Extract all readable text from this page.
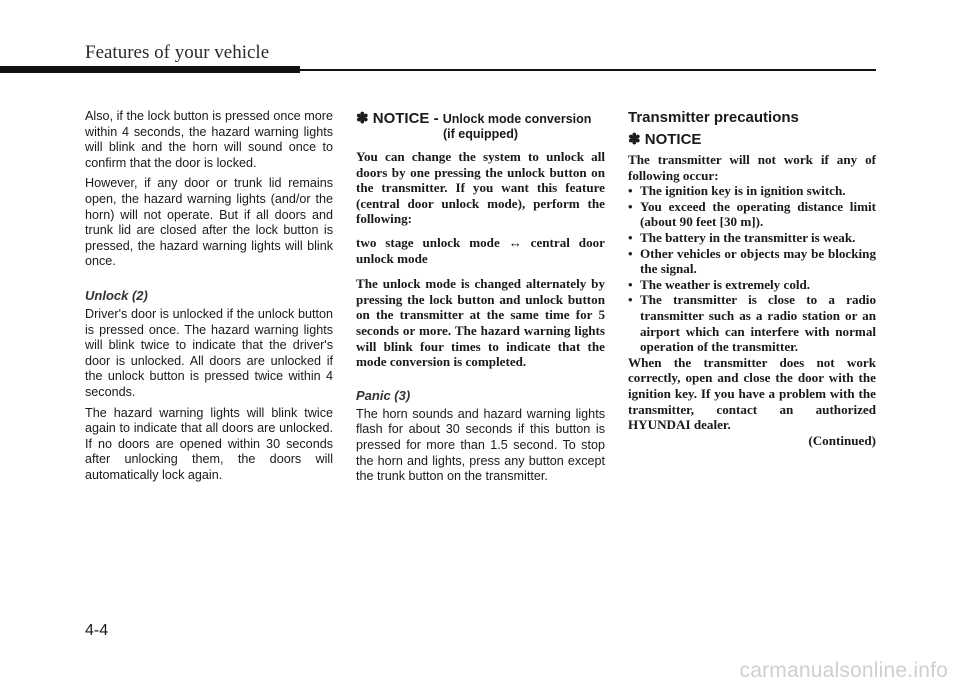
Features of your vehicle

Also, if the lock button is pressed once more within 4 seconds, the hazard warning lights will blink and the horn will sound once to confirm that the door is locked.

However, if any door or trunk lid remains open, the hazard warning lights (and/or the horn) will not operate. But if all doors and trunk lid are closed after the lock button is pressed, the hazard warning lights will blink once.

Unlock (2)

Driver's door is unlocked if the unlock button is pressed once. The hazard warning lights will blink twice to indicate that the driver's door is unlocked. All doors are unlocked if the unlock button is pressed twice within 4 seconds.

The hazard warning lights will blink twice again to indicate that all doors are unlocked. If no doors are opened within 30 seconds after unlocking them, the doors will automatically lock again.

✽ NOTICE - Unlock mode conversion
(if equipped)

You can change the system to unlock all doors by one pressing the unlock button on the transmitter. If you want this feature (central door unlock mode), perform the following:

two stage unlock mode ↔ central door unlock mode

The unlock mode is changed alternately by pressing the lock button and unlock button on the transmitter at the same time for 5 seconds or more. The hazard warning lights will blink four times to indicate that the mode conversion is completed.

Panic (3)

The horn sounds and hazard warning lights flash for about 30 seconds if this button is pressed for more than 1.5 second. To stop the horn and lights, press any button except the trunk button on the transmitter.

Transmitter precautions
✽ NOTICE

The transmitter will not work if any of following occur:

• The ignition key is in ignition switch.
• You exceed the operating distance limit (about 90 feet [30 m]).
• The battery in the transmitter is weak.
• Other vehicles or objects may be blocking the signal.
• The weather is extremely cold.
• The transmitter is close to a radio transmitter such as a radio station or an airport which can interfere with normal operation of the transmitter.

When the transmitter does not work correctly, open and close the door with the ignition key. If you have a problem with the transmitter, contact an authorized HYUNDAI dealer.

(Continued)

4-4
carmanualsonline.info
